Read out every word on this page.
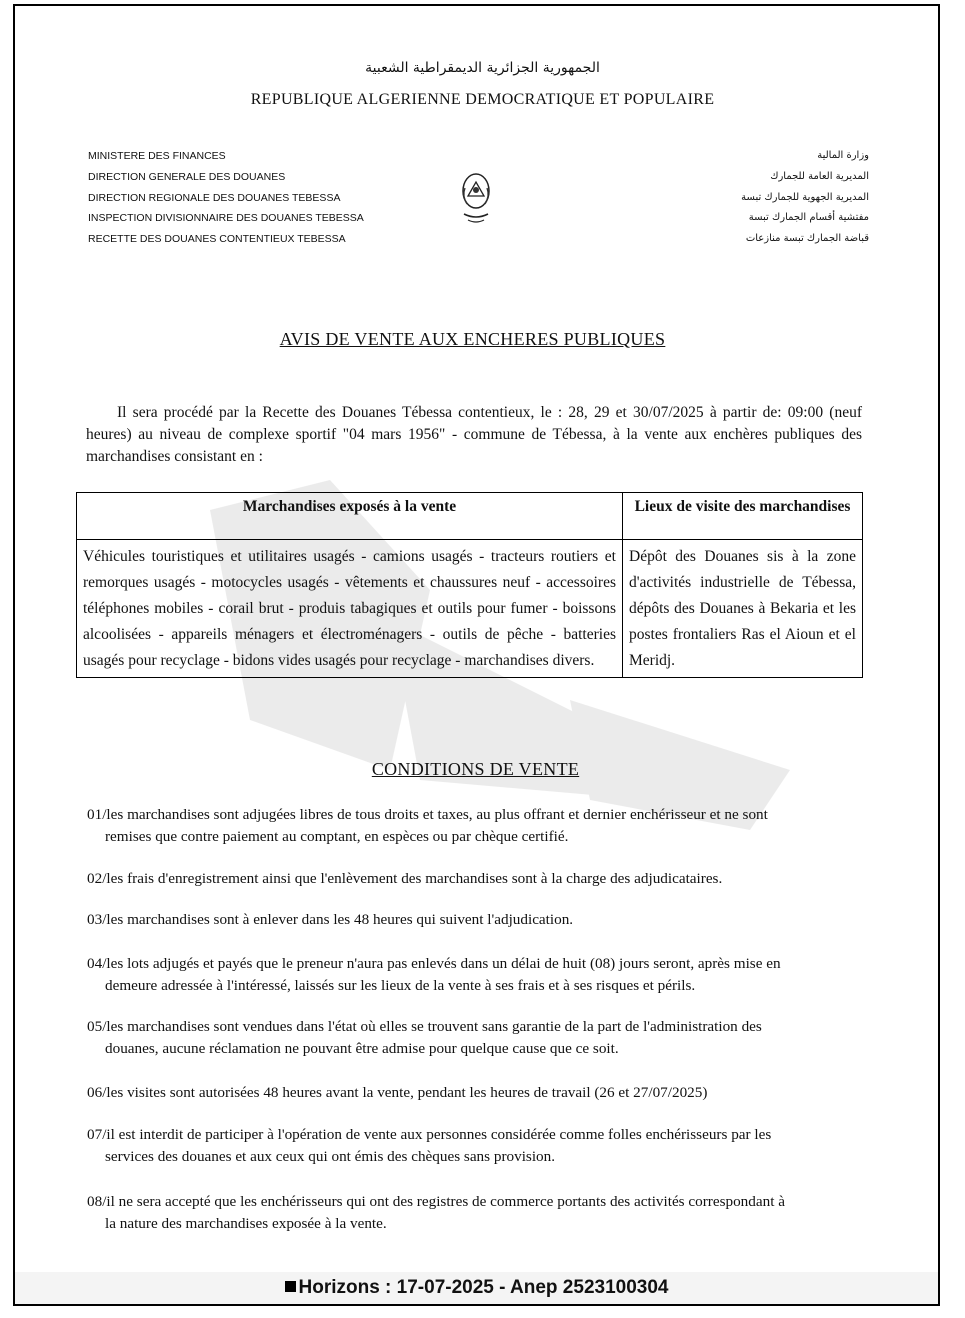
الجمهورية الجزائرية الديمقراطية الشعبية
REPUBLIQUE ALGERIENNE DEMOCRATIQUE ET POPULAIRE
MINISTERE DES FINANCES
DIRECTION GENERALE DES DOUANES
DIRECTION REGIONALE DES DOUANES TEBESSA
INSPECTION DIVISIONNAIRE DES DOUANES TEBESSA
RECETTE DES DOUANES CONTENTIEUX TEBESSA
وزارة المالية
المديرية العامة للجمارك
المديرية الجهوية للجمارك تبسة
مفتشية أقسام الجمارك تبسة
قباضة الجمارك تبسة منازعات
AVIS DE VENTE AUX ENCHERES PUBLIQUES

Il sera procédé par la Recette des Douanes Tébessa contentieux, le : 28, 29 et 30/07/2025 à partir de: 09:00 (neuf heures) au niveau de complexe sportif "04 mars 1956" - commune de Tébessa, à la vente aux enchères publiques des marchandises consistant en :

Marchandises exposés à la vente	Lieux de visite des marchandises
Véhicules touristiques et utilitaires usagés - camions usagés - tracteurs routiers et remorques usagés - motocycles usagés - vêtements et chaussures neuf - accessoires téléphones mobiles - corail brut - produis tabagiques et outils pour fumer - boissons alcoolisées - appareils ménagers et électroménagers - outils de pêche - batteries usagés pour recyclage - bidons vides usagés pour recyclage - marchandises divers.	Dépôt des Douanes sis à la zone d'activités industrielle de Tébessa, dépôts des Douanes à Bekaria et les postes frontaliers Ras el Aioun et el Meridj.
CONDITIONS DE VENTE
01/les marchandises sont adjugées libres de tous droits et taxes, au plus offrant et dernier enchérisseur et ne sont
remises que contre paiement au comptant, en espèces ou par chèque certifié.
02/les frais d'enregistrement ainsi que l'enlèvement des marchandises sont à la charge des adjudicataires.
03/les marchandises sont à enlever dans les 48 heures qui suivent l'adjudication.
04/les lots adjugés et payés que le preneur n'aura pas enlevés dans un délai de huit (08) jours seront, après mise en
demeure adressée à l'intéressé, laissés sur les lieux de la vente à ses frais et à ses risques et périls.
05/les marchandises sont vendues dans l'état où elles se trouvent sans garantie de la part de l'administration des
douanes, aucune réclamation ne pouvant être admise pour quelque cause que ce soit.
06/les visites sont autorisées 48 heures avant la vente, pendant les heures de travail (26 et 27/07/2025)
07/il est interdit de participer à l'opération de vente aux personnes considérée comme folles enchérisseurs par les
services des douanes et aux ceux qui ont émis des chèques sans provision.
08/il ne sera accepté que les enchérisseurs qui ont des registres de commerce portants des activités correspondant à
la nature des marchandises exposée à la vente.
Horizons : 17-07-2025 - Anep 2523100304
